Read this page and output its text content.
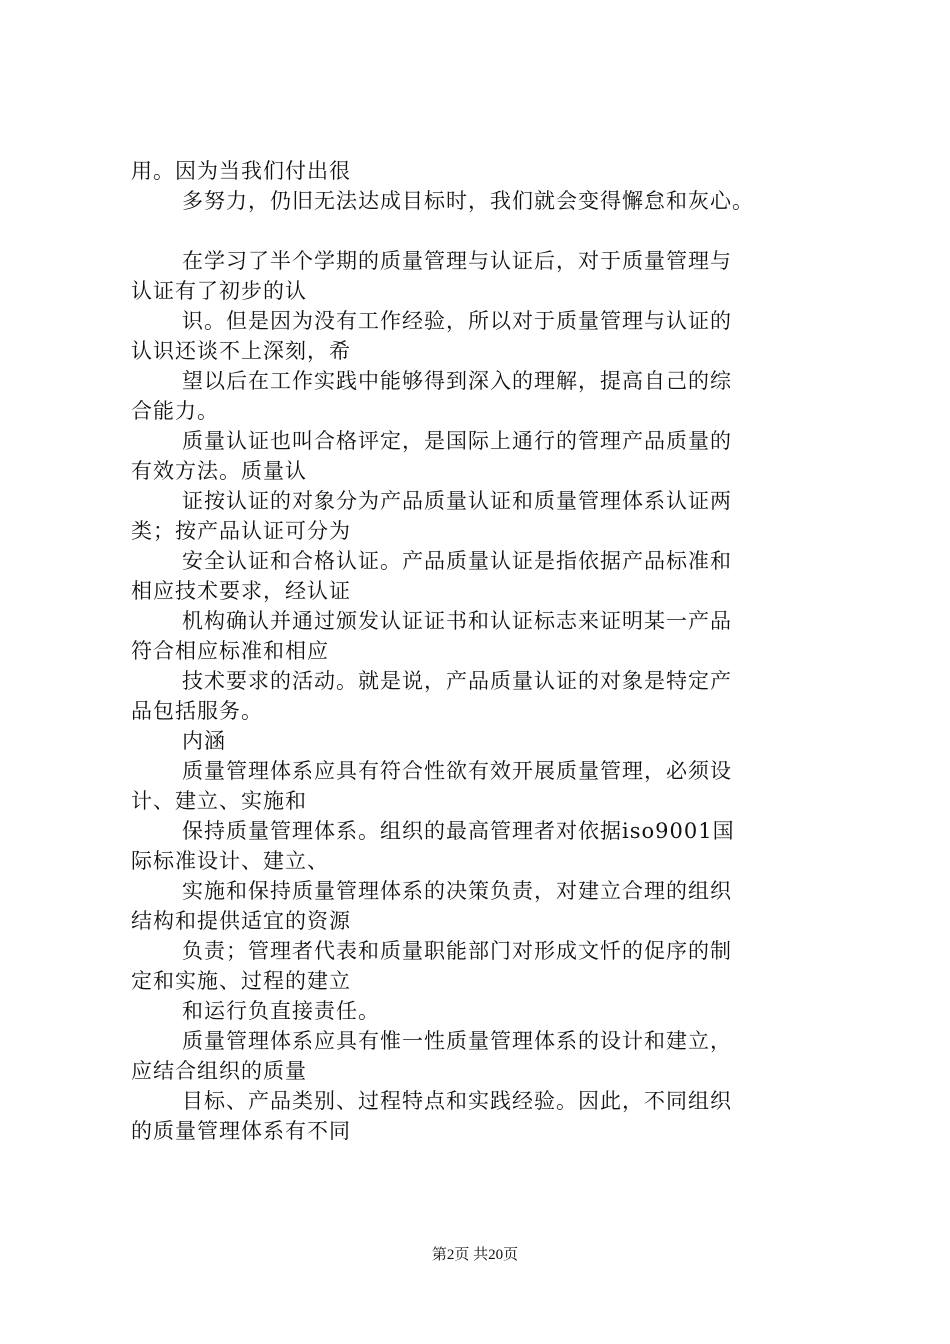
用。因为当我们付出很
多努力，仍旧无法达成目标时，我们就会变得懈怠和灰心。
在学习了半个学期的质量管理与认证后，对于质量管理与
认证有了初步的认
识。但是因为没有工作经验，所以对于质量管理与认证的
认识还谈不上深刻，希
望以后在工作实践中能够得到深入的理解，提高自己的综
合能力。
质量认证也叫合格评定，是国际上通行的管理产品质量的
有效方法。质量认
证按认证的对象分为产品质量认证和质量管理体系认证两
类；按产品认证可分为
安全认证和合格认证。产品质量认证是指依据产品标准和
相应技术要求，经认证
机构确认并通过颁发认证证书和认证标志来证明某一产品
符合相应标准和相应
技术要求的活动。就是说，产品质量认证的对象是特定产
品包括服务。
内涵
质量管理体系应具有符合性欲有效开展质量管理，必须设
计、建立、实施和
保持质量管理体系。组织的最高管理者对依据iso9001国
际标准设计、建立、
实施和保持质量管理体系的决策负责，对建立合理的组织
结构和提供适宜的资源
负责；管理者代表和质量职能部门对形成文忏的促序的制
定和实施、过程的建立
和运行负直接责任。
质量管理体系应具有惟一性质量管理体系的设计和建立，
应结合组织的质量
目标、产品类别、过程特点和实践经验。因此，不同组织
的质量管理体系有不同
第2页 共20页
